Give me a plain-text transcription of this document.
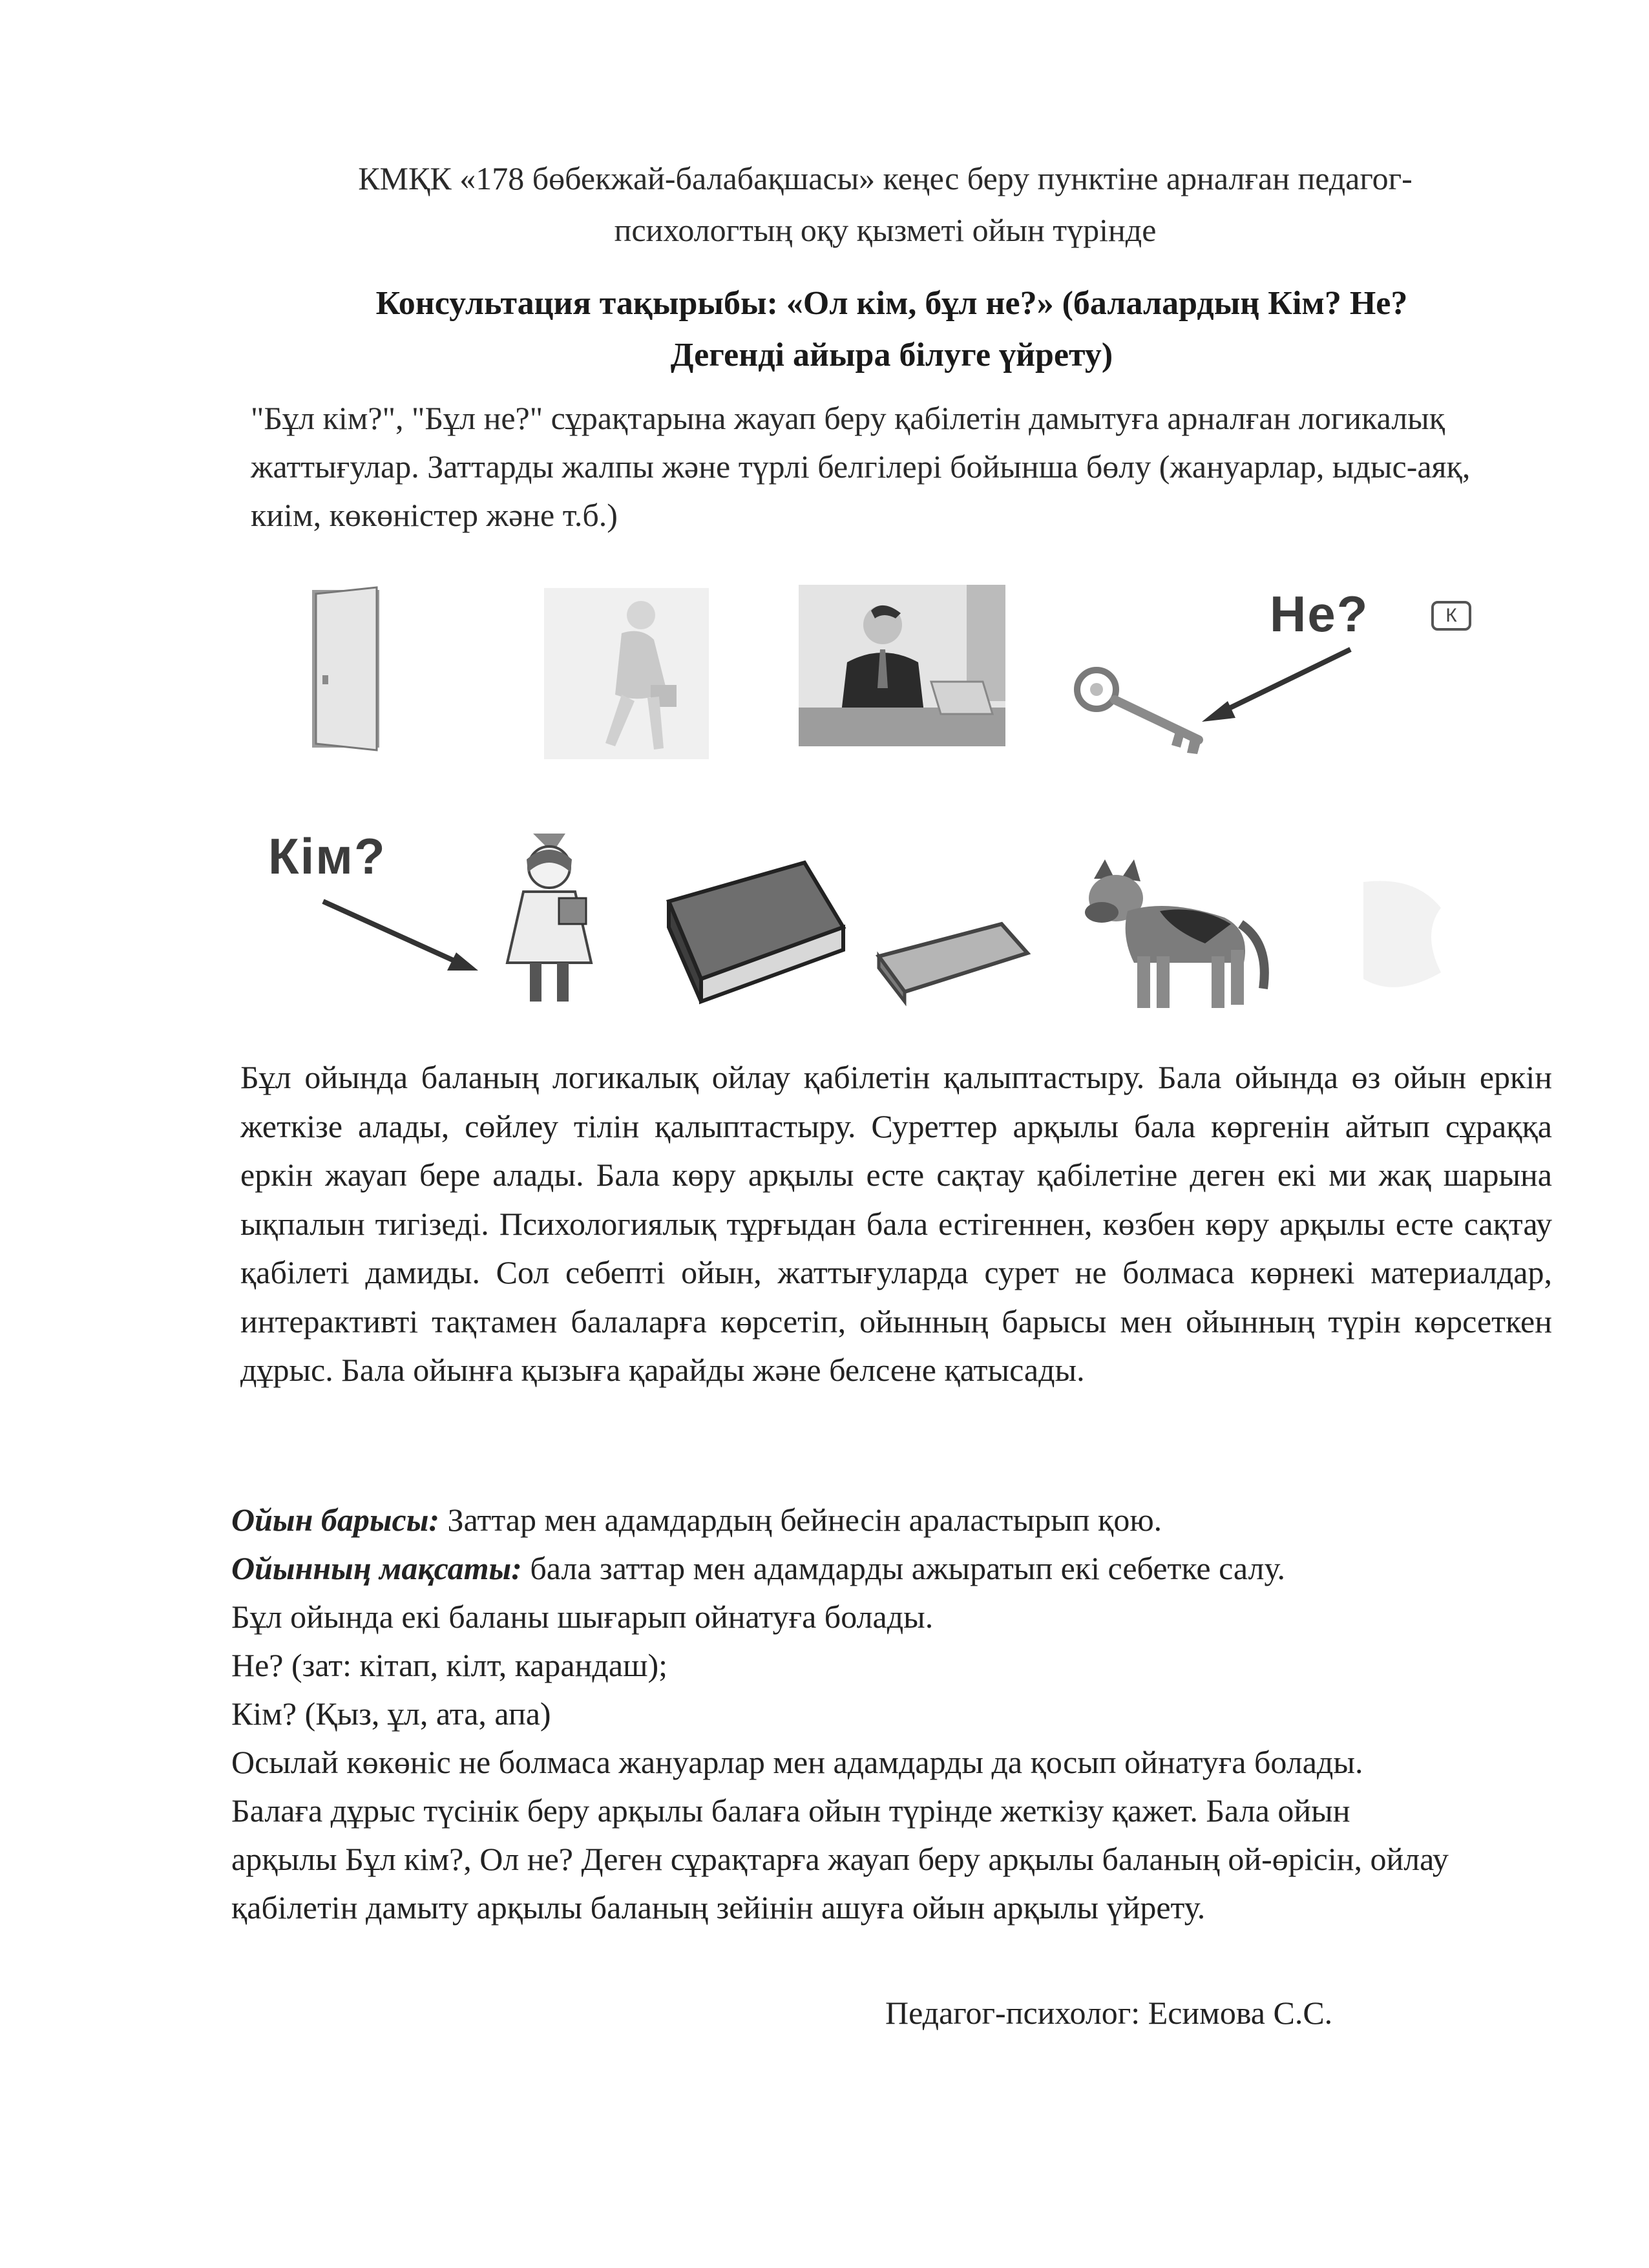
КМҚК «178 бөбекжай-балабақшасы» кеңес беру пунктіне арналған педагог-
психологтың оқу қызметі ойын түрінде
Консультация тақырыбы: «Ол кім, бұл не?» (балалардың Кім? Не?
Дегенді айыра білуге үйрету)
"Бұл кім?", "Бұл не?" сұрақтарына жауап беру қабілетін дамытуға арналған логикалық жаттығулар. Заттарды жалпы және түрлі белгілері бойынша бөлу (жануарлар, ыдыс-аяқ, киім, көкөністер және т.б.)
Не?	К
Кім?
Бұл ойында баланың логикалық ойлау қабілетін қалыптастыру. Бала ойында өз ойын еркін жеткізе алады, сөйлеу тілін қалыптастыру. Суреттер арқылы бала көргенін айтып сұраққа еркін жауап бере алады. Бала көру арқылы есте сақтау қабілетіне деген екі ми жақ шарына ықпалын тигізеді. Психологиялық тұрғыдан бала естігеннен, көзбен көру арқылы есте сақтау қабілеті дамиды. Сол себепті ойын, жаттығуларда сурет не болмаса көрнекі материалдар, интерактивті тақтамен балаларға көрсетіп, ойынның барысы мен ойынның түрін көрсеткен дұрыс. Бала ойынға қызыға қарайды және белсене қатысады.
Ойын барысы: Заттар мен адамдардың бейнесін араластырып қою.
Ойынның мақсаты: бала заттар мен адамдарды ажыратып екі себетке салу.
Бұл ойында екі баланы шығарып ойнатуға болады.
Не? (зат: кітап, кілт, карандаш);
Кім? (Қыз, ұл, ата, апа)
Осылай көкөніс не болмаса жануарлар мен адамдарды да қосып ойнатуға болады. Балаға дұрыс түсінік беру арқылы балаға ойын түрінде жеткізу қажет. Бала ойын арқылы Бұл кім?, Ол не? Деген сұрақтарға жауап беру арқылы баланың ой-өрісін, ойлау қабілетін дамыту арқылы баланың зейінін ашуға ойын арқылы үйрету.
Педагог-психолог: Есимова С.С.
